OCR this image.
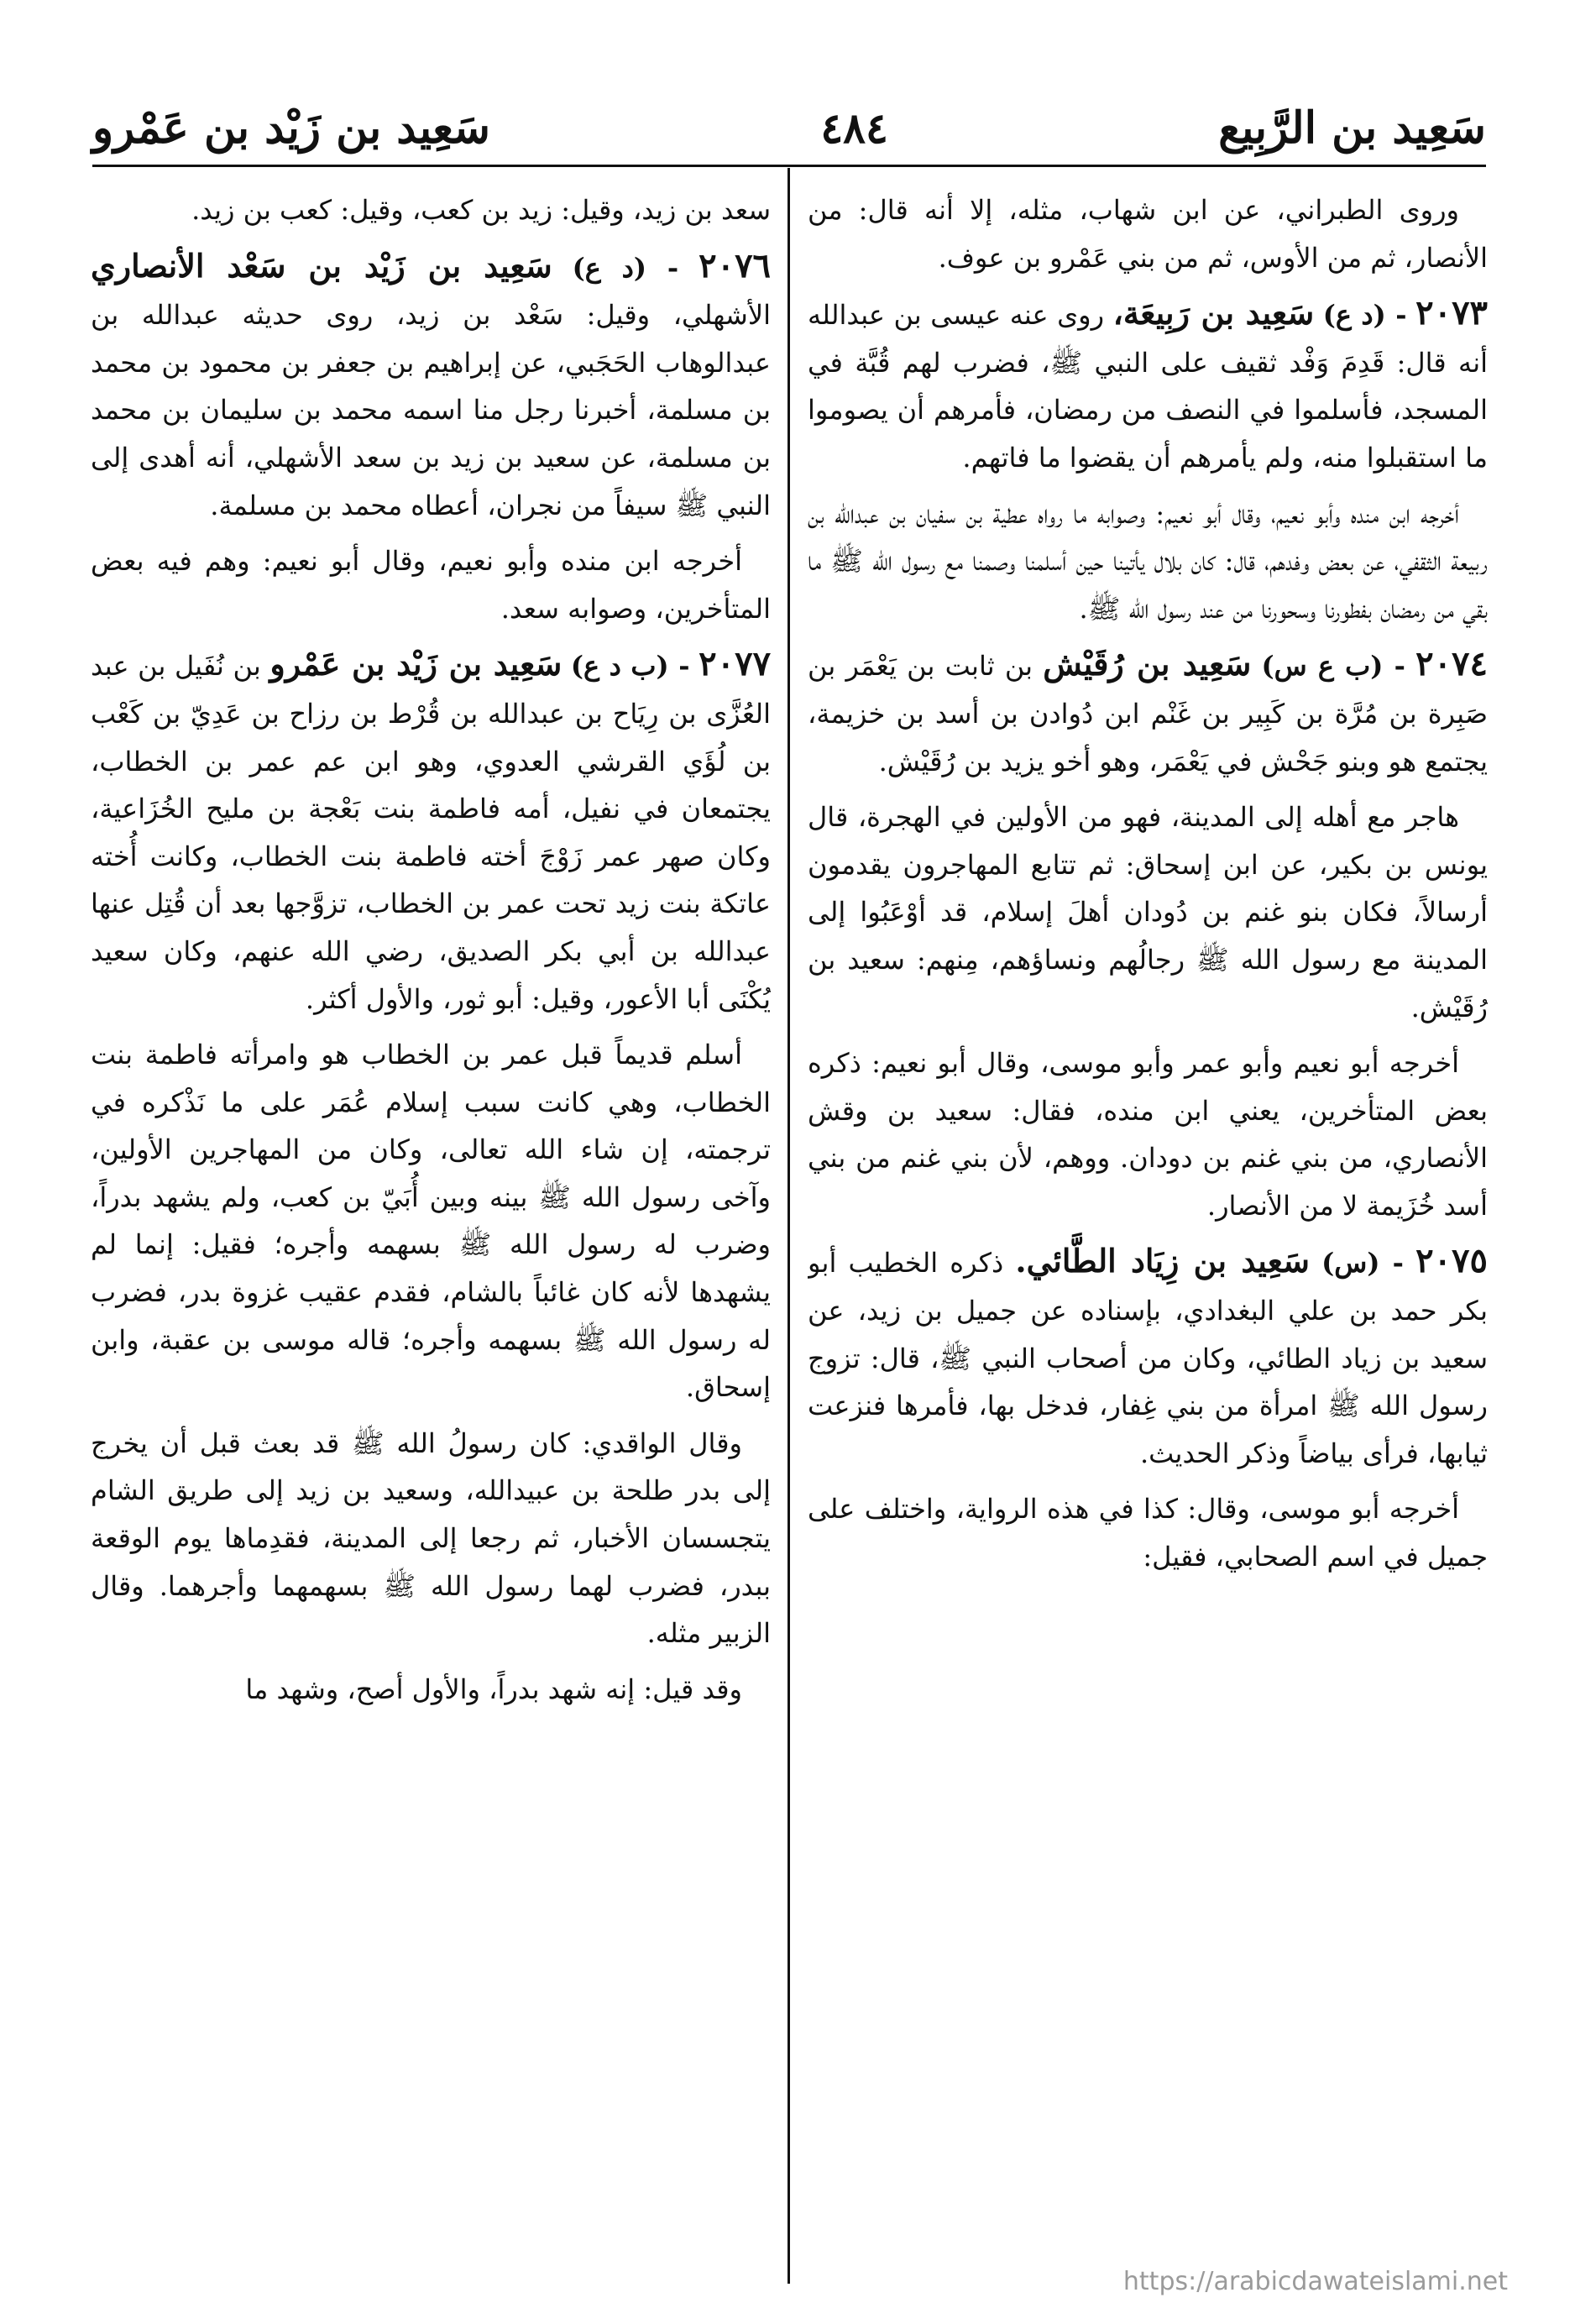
سَعِيد بن زَيْد بن عَمْرو	٤٨٤	سَعِيد بن الرَّبِيع

وروى الطبراني، عن ابن شهاب، مثله، إلا أنه قال: من الأنصار، ثم من الأوس، ثم من بني عَمْرو بن عوف.

٢٠٧٣ - (د ع) سَعِيد بن رَبِيعَة، روى عنه عيسى بن عبدالله أنه قال: قَدِمَ وَفْد ثقيف على النبي ﷺ، فضرب لهم قُبَّة في المسجد، فأسلموا في النصف من رمضان، فأمرهم أن يصوموا ما استقبلوا منه، ولم يأمرهم أن يقضوا ما فاتهم.

أخرجه ابن منده وأبو نعيم، وقال أبو نعيم: وصوابه ما رواه عطية بن سفيان بن عبدالله بن ربيعة الثقفي، عن بعض وفدهم، قال: كان بلال يأتينا حين أسلمنا وصمنا مع رسول الله ﷺ ما بقي من رمضان بفطورنا وسحورنا من عند رسول الله ﷺ.

٢٠٧٤ - (ب ع س) سَعِيد بن رُقَيْش بن ثابت بن يَعْمَر بن صَبِرة بن مُرَّة بن كَبِير بن غَنْم ابن دُوادن بن أسد بن خزيمة، يجتمع هو وبنو جَحْش في يَعْمَر، وهو أخو يزيد بن رُقَيْش.

هاجر مع أهله إلى المدينة، فهو من الأولين في الهجرة، قال يونس بن بكير، عن ابن إسحاق: ثم تتابع المهاجرون يقدمون أرسالاً، فكان بنو غنم بن دُودان أهلَ إسلام، قد أوْعَبُوا إلى المدينة مع رسول الله ﷺ رجالُهم ونساؤهم، مِنهم: سعيد بن رُقَيْش.

أخرجه أبو نعيم وأبو عمر وأبو موسى، وقال أبو نعيم: ذكره بعض المتأخرين، يعني ابن منده، فقال: سعيد بن وقش الأنصاري، من بني غنم بن دودان. ووهم، لأن بني غنم من بني أسد خُزَيمة لا من الأنصار.

٢٠٧٥ - (س) سَعِيد بن زِيَاد الطَّائي. ذكره الخطيب أبو بكر حمد بن علي البغدادي، بإسناده عن جميل بن زيد، عن سعيد بن زياد الطائي، وكان من أصحاب النبي ﷺ، قال: تزوج رسول الله ﷺ امرأة من بني غِفار، فدخل بها، فأمرها فنزعت ثيابها، فرأى بياضاً وذكر الحديث.

أخرجه أبو موسى، وقال: كذا في هذه الرواية، واختلف على جميل في اسم الصحابي، فقيل:

سعد بن زيد، وقيل: زيد بن كعب، وقيل: كعب بن زيد.

٢٠٧٦ - (د ع) سَعِيد بن زَيْد بن سَعْد الأنصاري الأشهلي، وقيل: سَعْد بن زيد، روى حديثه عبدالله بن عبدالوهاب الحَجَبي، عن إبراهيم بن جعفر بن محمود بن محمد بن مسلمة، أخبرنا رجل منا اسمه محمد بن سليمان بن محمد بن مسلمة، عن سعيد بن زيد بن سعد الأشهلي، أنه أهدى إلى النبي ﷺ سيفاً من نجران، أعطاه محمد بن مسلمة.

أخرجه ابن منده وأبو نعيم، وقال أبو نعيم: وهم فيه بعض المتأخرين، وصوابه سعد.

٢٠٧٧ - (ب د ع) سَعِيد بن زَيْد بن عَمْرو بن نُفَيل بن عبد العُزَّى بن رِيَاح بن عبدالله بن قُرْط بن رزاح بن عَدِيّ بن كَعْب بن لُؤَي القرشي العدوي، وهو ابن عم عمر بن الخطاب، يجتمعان في نفيل، أمه فاطمة بنت بَعْجة بن مليح الخُزَاعية، وكان صهر عمر زَوْجَ أخته فاطمة بنت الخطاب، وكانت أُخته عاتكة بنت زيد تحت عمر بن الخطاب، تزوَّجها بعد أن قُتِل عنها عبدالله بن أبي بكر الصديق، رضي الله عنهم، وكان سعيد يُكْنَى أبا الأعور، وقيل: أبو ثور، والأول أكثر.

أسلم قديماً قبل عمر بن الخطاب هو وامرأته فاطمة بنت الخطاب، وهي كانت سبب إسلام عُمَر على ما نَذْكره في ترجمته، إن شاء الله تعالى، وكان من المهاجرين الأولين، وآخى رسول الله ﷺ بينه وبين أُبَيّ بن كعب، ولم يشهد بدراً، وضرب له رسول الله ﷺ بسهمه وأجره؛ فقيل: إنما لم يشهدها لأنه كان غائباً بالشام، فقدم عقيب غزوة بدر، فضرب له رسول الله ﷺ بسهمه وأجره؛ قاله موسى بن عقبة، وابن إسحاق.

وقال الواقدي: كان رسولُ الله ﷺ قد بعث قبل أن يخرج إلى بدر طلحة بن عبيدالله، وسعيد بن زيد إلى طريق الشام يتجسسان الأخبار، ثم رجعا إلى المدينة، فقدِماها يوم الوقعة ببدر، فضرب لهما رسول الله ﷺ بسهمهما وأجرهما. وقال الزبير مثله.

وقد قيل: إنه شهد بدراً، والأول أصح، وشهد ما

https://arabicdawateislami.net
